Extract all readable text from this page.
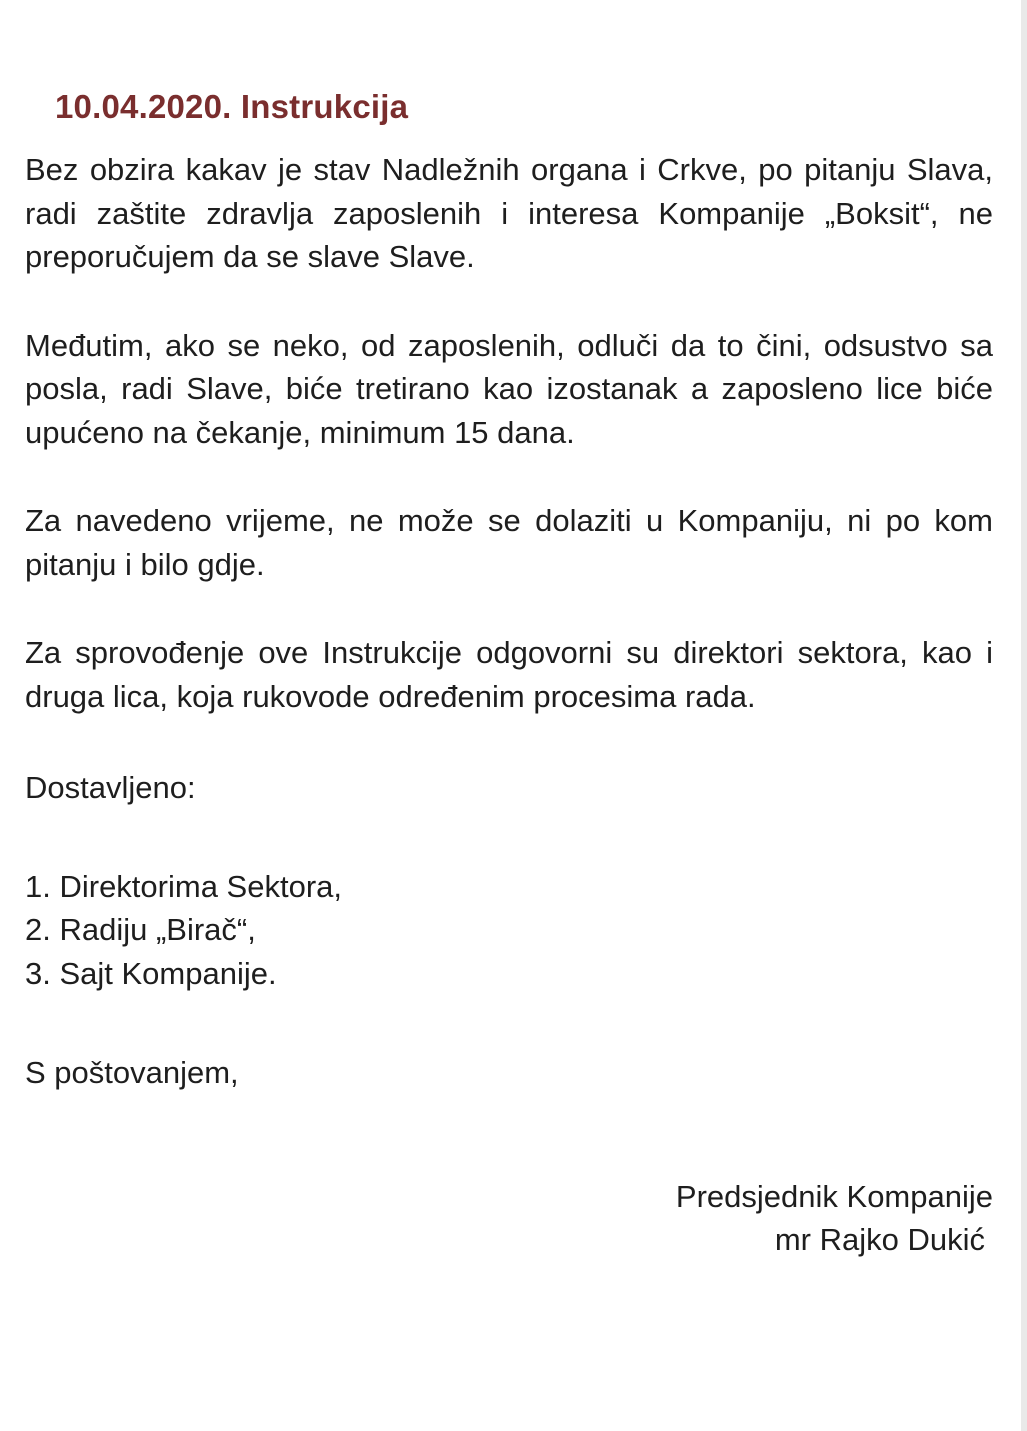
10.04.2020. Instrukcija

Bez obzira kakav je stav Nadležnih organa i Crkve, po pitanju Slava, radi zaštite zdravlja zaposlenih i interesa Kompanije „Boksit“, ne preporučujem da se slave Slave.

Međutim, ako se neko, od zaposlenih, odluči da to čini, odsustvo sa posla, radi Slave, biće tretirano kao izostanak a zaposleno lice biće upućeno na čekanje, minimum 15 dana.

Za navedeno vrijeme, ne može se dolaziti u Kompaniju, ni po kom pitanju i bilo gdje.

Za sprovođenje ove Instrukcije odgovorni su direktori sektora, kao i druga lica, koja rukovode određenim procesima rada.

Dostavljeno:
1. Direktorima Sektora,
2. Radiju „Birač“,
3. Sajt Kompanije.
S poštovanjem,
Predsjednik Kompanije
mr Rajko Dukić
